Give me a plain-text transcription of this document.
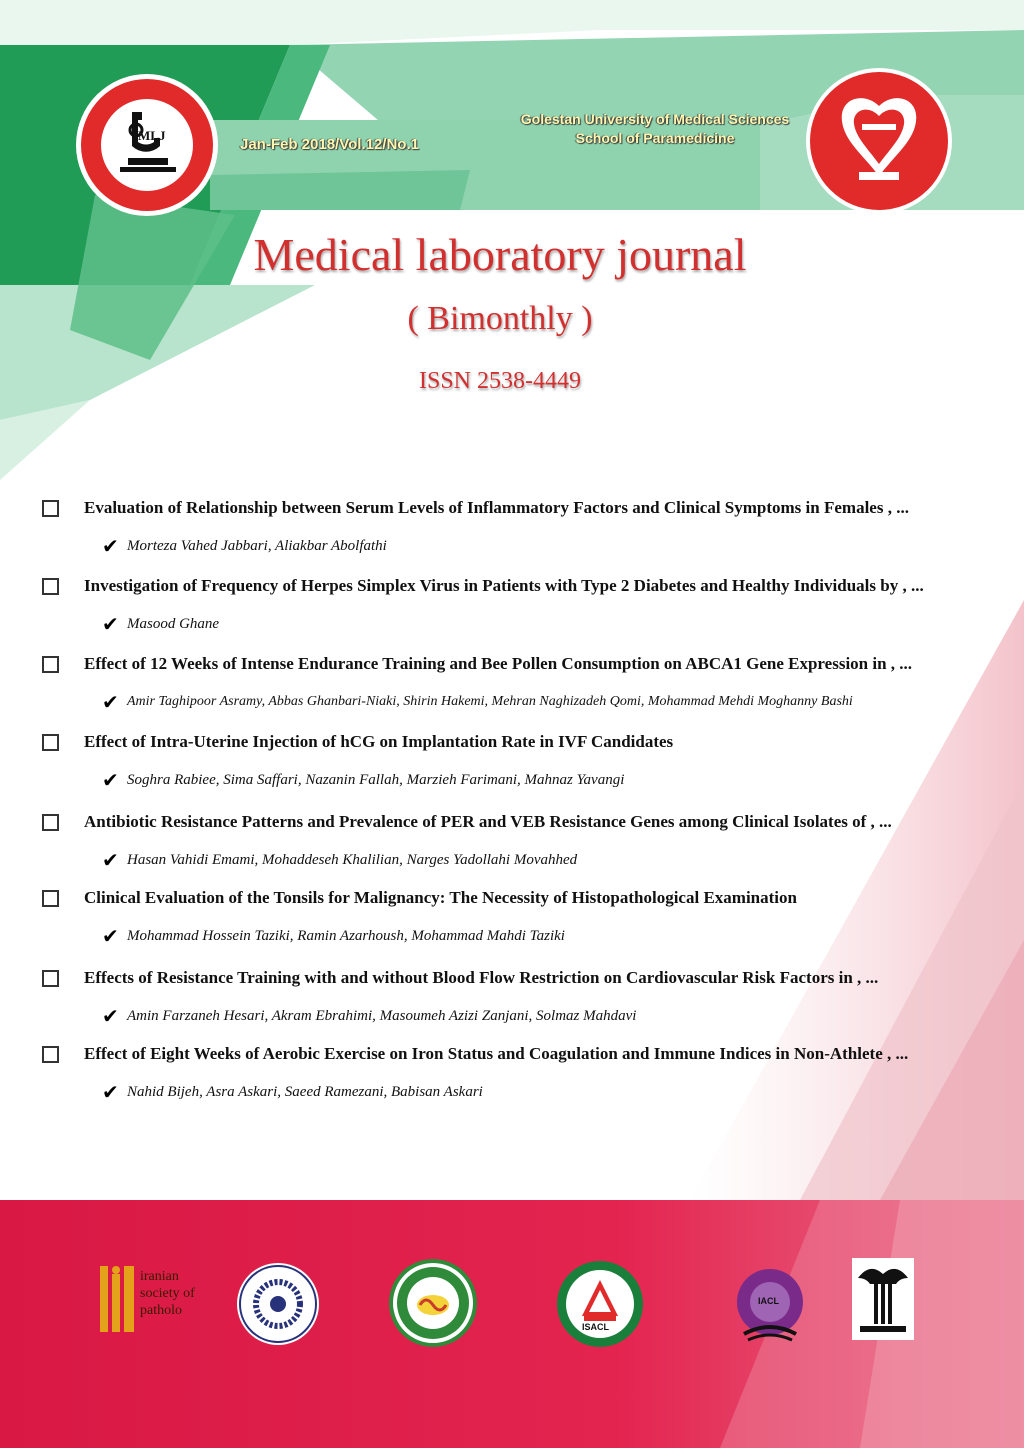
MLJ
Jan-Feb 2018/Vol.12/No.1
Golestan University of Medical Sciences
School of Paramedicine
Medical laboratory journal
( Bimonthly )
ISSN 2538-4449
Evaluation of Relationship between Serum Levels of Inflammatory Factors and Clinical Symptoms in Females , ...
✔ Morteza Vahed Jabbari, Aliakbar Abolfathi
Investigation of Frequency of Herpes Simplex Virus in Patients with Type 2 Diabetes and Healthy Individuals by , ...
✔ Masood Ghane
Effect of 12 Weeks of Intense Endurance Training and Bee Pollen Consumption on ABCA1 Gene Expression in , ...
✔ Amir Taghipoor Asramy, Abbas Ghanbari-Niaki, Shirin Hakemi, Mehran Naghizadeh Qomi, Mohammad Mehdi Moghanny Bashi
Effect of Intra-Uterine Injection of hCG on Implantation Rate in IVF Candidates
✔ Soghra Rabiee, Sima Saffari, Nazanin Fallah, Marzieh Farimani, Mahnaz Yavangi
Antibiotic Resistance Patterns and Prevalence of PER and VEB Resistance Genes among Clinical Isolates of , ...
✔ Hasan Vahidi Emami, Mohaddeseh Khalilian, Narges Yadollahi Movahhed
Clinical Evaluation of the Tonsils for Malignancy: The Necessity of Histopathological Examination
✔ Mohammad Hossein Taziki, Ramin Azarhoush, Mohammad Mahdi Taziki
Effects of Resistance Training with and without Blood Flow Restriction on Cardiovascular Risk Factors in , ...
✔ Amin Farzaneh Hesari, Akram Ebrahimi, Masoumeh Azizi Zanjani, Solmaz Mahdavi
Effect of Eight Weeks of Aerobic Exercise on Iron Status and Coagulation and Immune Indices in Non-Athlete , ...
✔ Nahid Bijeh, Asra Askari, Saeed Ramezani, Babisan Askari
iranian
society of
patholo
ISACL
IACL
